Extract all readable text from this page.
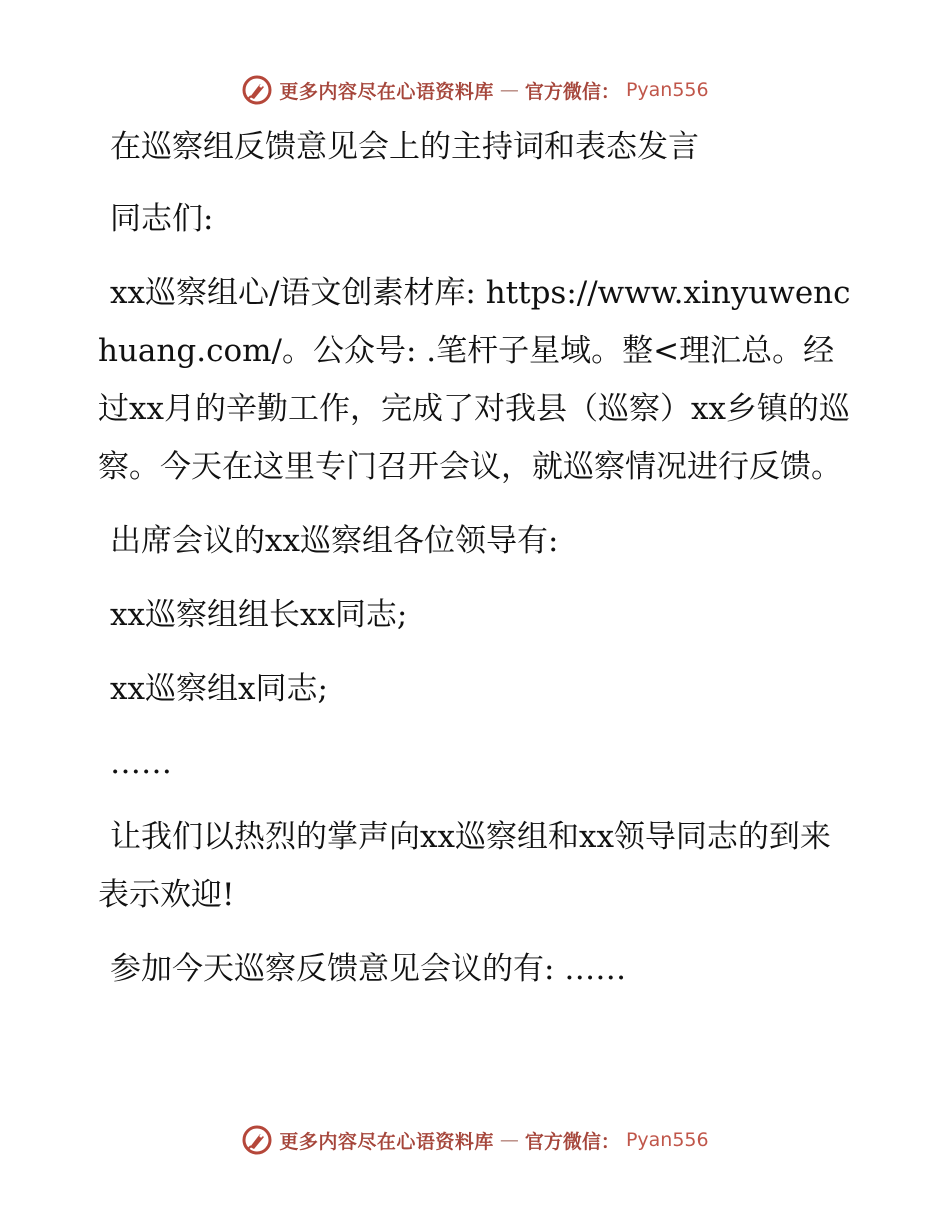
更多内容尽在心语资料库 — 官方微信： Pyan556

在巡察组反馈意见会上的主持词和表态发言

同志们:

xx巡察组心/语文创素材库: https://www.xinyuwenchuang.com/。公众号: .笔杆子星域。整<理汇总。经过xx月的辛勤工作，完成了对我县（巡察）xx乡镇的巡察。今天在这里专门召开会议，就巡察情况进行反馈。

出席会议的xx巡察组各位领导有:

xx巡察组组长xx同志;

xx巡察组x同志;

……

让我们以热烈的掌声向xx巡察组和xx领导同志的到来表示欢迎!

参加今天巡察反馈意见会议的有: ……

更多内容尽在心语资料库 — 官方微信： Pyan556
